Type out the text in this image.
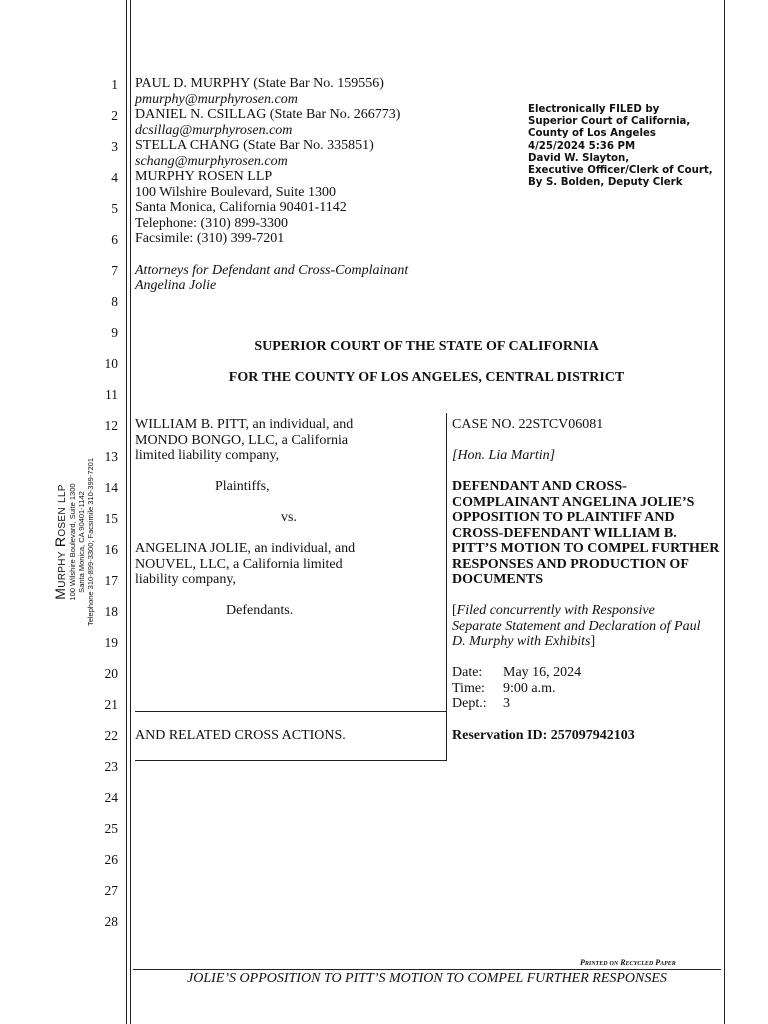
Murphy Rosen llp 100 Wilshire Boulevard, Suite 1300 Santa Monica, CA 90401-1142 Telephone 310-899-3300; Facsimile 310-399-7201
1
2
3
4
5
6
7
8
9
10
11
12
13
14
15
16
17
18
19
20
21
22
23
24
25
26
27
28
PAUL D. MURPHY (State Bar No. 159556)
pmurphy@murphyrosen.com
DANIEL N. CSILLAG (State Bar No. 266773)
dcsillag@murphyrosen.com
STELLA CHANG (State Bar No. 335851)
schang@murphyrosen.com
MURPHY ROSEN LLP
100 Wilshire Boulevard, Suite 1300
Santa Monica, California 90401-1142
Telephone: (310) 899-3300
Facsimile: (310) 399-7201
Attorneys for Defendant and Cross-Complainant
Angelina Jolie
Electronically FILED by
Superior Court of California,
County of Los Angeles
4/25/2024 5:36 PM
David W. Slayton,
Executive Officer/Clerk of Court,
By S. Bolden, Deputy Clerk
SUPERIOR COURT OF THE STATE OF CALIFORNIA
FOR THE COUNTY OF LOS ANGELES, CENTRAL DISTRICT
WILLIAM B. PITT, an individual, and
MONDO BONGO, LLC, a California
limited liability company,
Plaintiffs,
vs.
ANGELINA JOLIE, an individual, and
NOUVEL, LLC, a California limited
liability company,
Defendants.
AND RELATED CROSS ACTIONS.
CASE NO. 22STCV06081
[Hon. Lia Martin]
DEFENDANT AND CROSS-COMPLAINANT ANGELINA JOLIE’S OPPOSITION TO PLAINTIFF AND CROSS-DEFENDANT WILLIAM B. PITT’S MOTION TO COMPEL FURTHER RESPONSES AND PRODUCTION OF DOCUMENTS
[Filed concurrently with Responsive
Separate Statement and Declaration of Paul
D. Murphy with Exhibits]
Date: May 16, 2024
Time: 9:00 a.m.
Dept.: 3
Reservation ID: 257097942103
Printed on Recycled Paper
JOLIE’S OPPOSITION TO PITT’S MOTION TO COMPEL FURTHER RESPONSES
